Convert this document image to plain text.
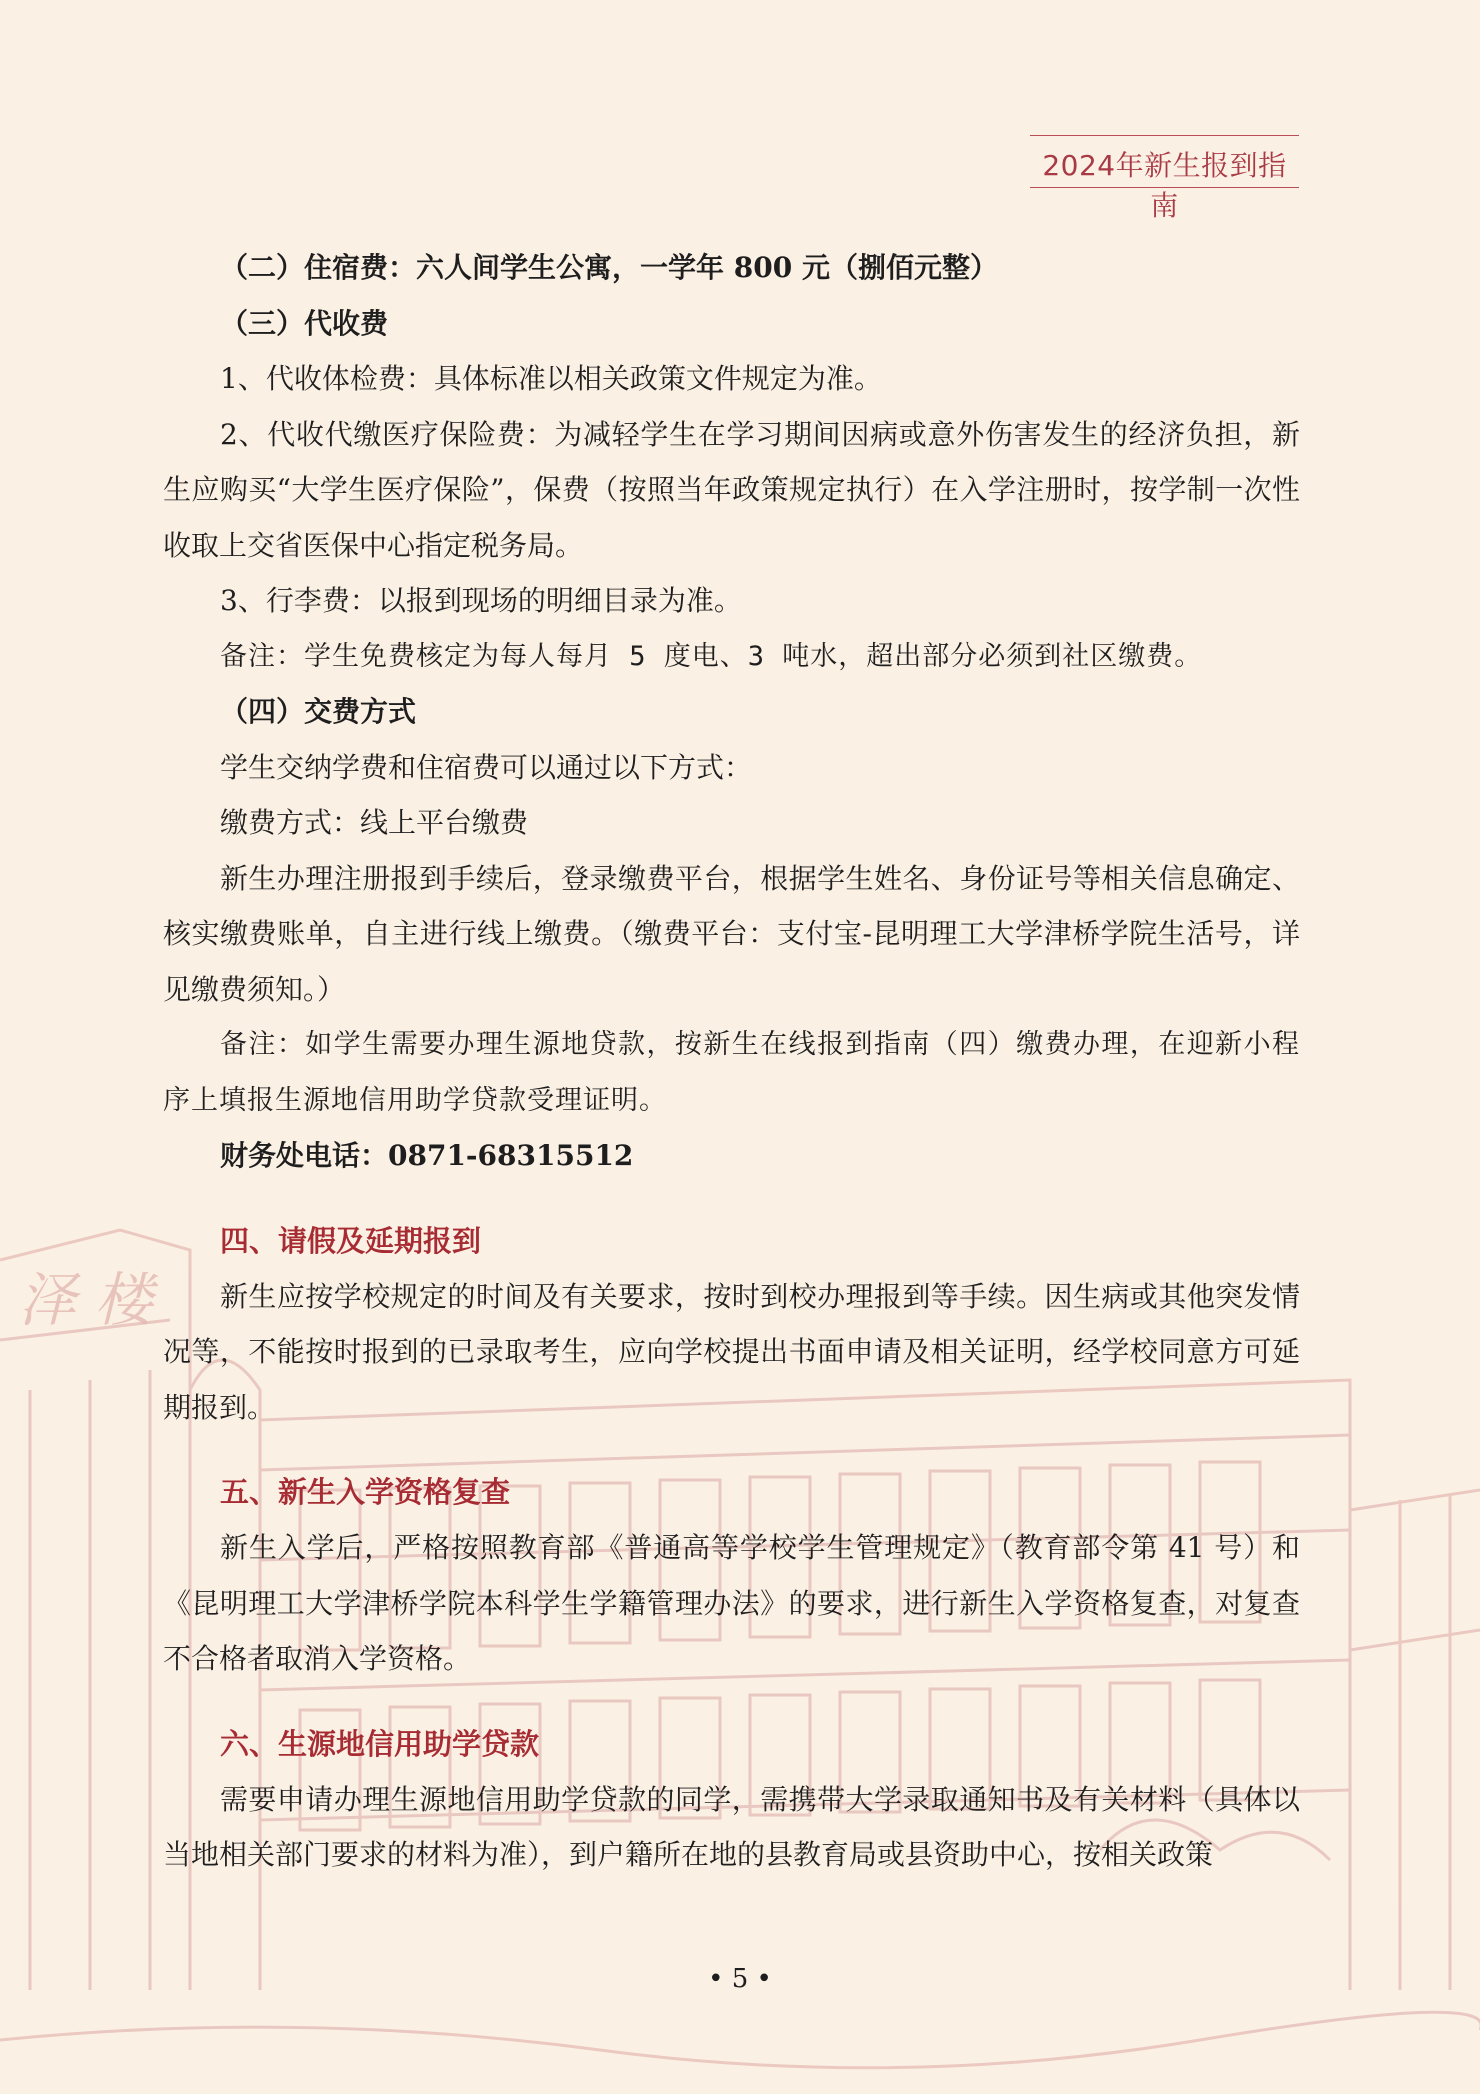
泽 楼
2024年新生报到指南

（二）住宿费：六人间学生公寓，一学年 800 元（捌佰元整）

（三）代收费

1、代收体检费：具体标准以相关政策文件规定为准。

2、代收代缴医疗保险费：为减轻学生在学习期间因病或意外伤害发生的经济负担，新生应购买“大学生医疗保险”，保费（按照当年政策规定执行）在入学注册时，按学制一次性收取上交省医保中心指定税务局。

3、行李费：以报到现场的明细目录为准。

备注：学生免费核定为每人每月 5 度电、3 吨水，超出部分必须到社区缴费。

（四）交费方式

学生交纳学费和住宿费可以通过以下方式：

缴费方式：线上平台缴费

新生办理注册报到手续后，登录缴费平台，根据学生姓名、身份证号等相关信息确定、核实缴费账单，自主进行线上缴费。（缴费平台：支付宝-昆明理工大学津桥学院生活号，详见缴费须知。）

备注：如学生需要办理生源地贷款，按新生在线报到指南（四）缴费办理，在迎新小程序上填报生源地信用助学贷款受理证明。

财务处电话：0871-68315512

四、请假及延期报到

新生应按学校规定的时间及有关要求，按时到校办理报到等手续。因生病或其他突发情况等，不能按时报到的已录取考生，应向学校提出书面申请及相关证明，经学校同意方可延期报到。

五、新生入学资格复查

新生入学后，严格按照教育部《普通高等学校学生管理规定》（教育部令第 41 号）和《昆明理工大学津桥学院本科学生学籍管理办法》的要求，进行新生入学资格复查，对复查不合格者取消入学资格。

六、生源地信用助学贷款

需要申请办理生源地信用助学贷款的同学，需携带大学录取通知书及有关材料（具体以当地相关部门要求的材料为准），到户籍所在地的县教育局或县资助中心，按相关政策

• 5 •
